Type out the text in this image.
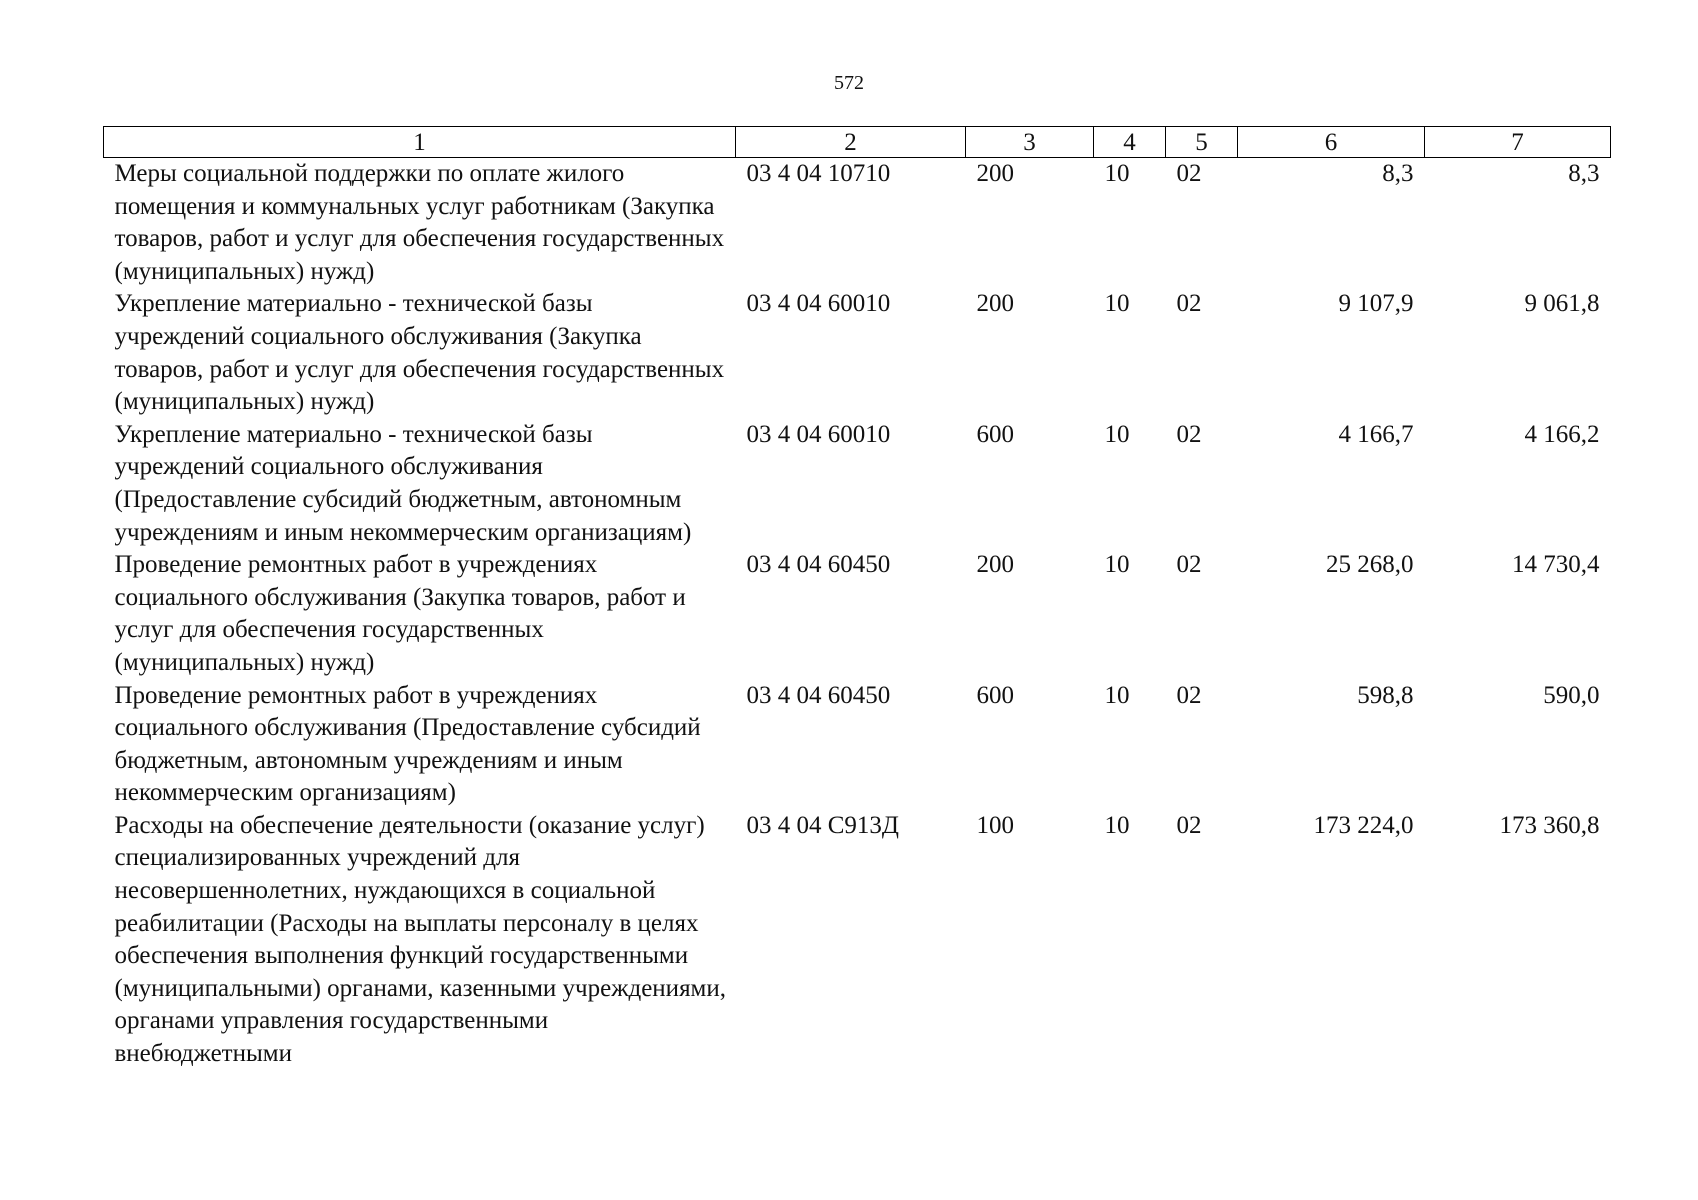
572
1	2	3	4	5	6	7
Меры социальной поддержки по оплате жилого помещения и коммунальных услуг работникам (Закупка товаров, работ и услуг для обеспечения государственных (муниципальных) нужд)	03 4 04 10710	200	10	02	8,3	8,3
Укрепление материально - технической базы учреждений социального обслуживания (Закупка товаров, работ и услуг для обеспечения государственных (муниципальных) нужд)	03 4 04 60010	200	10	02	9 107,9	9 061,8
Укрепление материально - технической базы учреждений социального обслуживания (Предоставление субсидий бюджетным, автономным учреждениям и иным некоммерческим организациям)	03 4 04 60010	600	10	02	4 166,7	4 166,2
Проведение ремонтных работ в учреждениях социального обслуживания (Закупка товаров, работ и услуг для обеспечения государственных (муниципальных) нужд)	03 4 04 60450	200	10	02	25 268,0	14 730,4
Проведение ремонтных работ в учреждениях социального обслуживания (Предоставление субсидий бюджетным, автономным учреждениям и иным некоммерческим организациям)	03 4 04 60450	600	10	02	598,8	590,0
Расходы на обеспечение деятельности (оказание услуг) специализированных учреждений для несовершеннолетних, нуждающихся в социальной реабилитации (Расходы на выплаты персоналу в целях обеспечения выполнения функций государственными (муниципальными) органами, казенными учреждениями, органами управления государственными внебюджетными	03 4 04 С913Д	100	10	02	173 224,0	173 360,8
